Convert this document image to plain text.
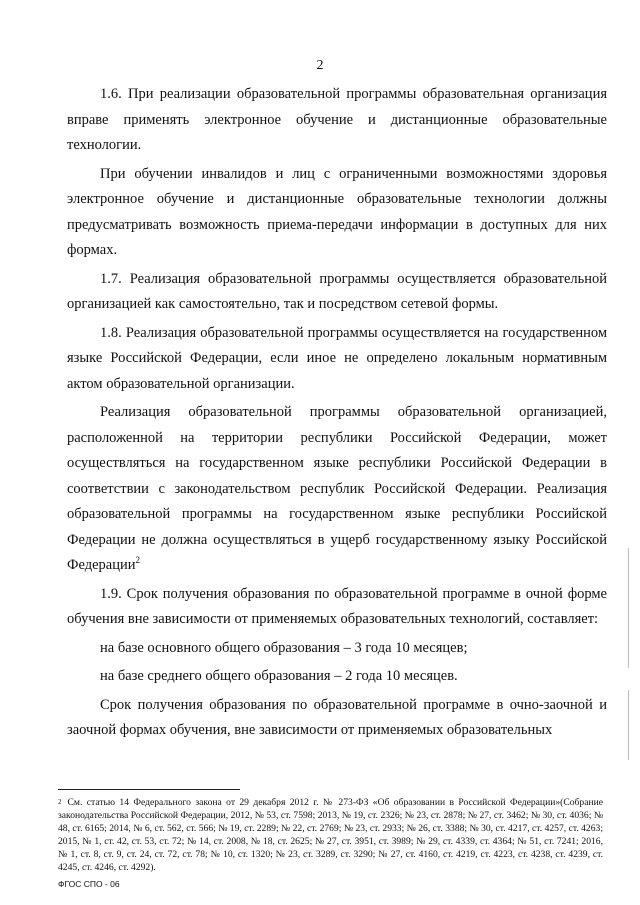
2

1.6. При реализации образовательной программы образовательная организация вправе применять электронное обучение и дистанционные образовательные технологии.

При обучении инвалидов и лиц с ограниченными возможностями здоровья электронное обучение и дистанционные образовательные технологии должны предусматривать возможность приема-передачи информации в доступных для них формах.

1.7. Реализация образовательной программы осуществляется образовательной организацией как самостоятельно, так и посредством сетевой формы.

1.8. Реализация образовательной программы осуществляется на государственном языке Российской Федерации, если иное не определено локальным нормативным актом образовательной организации.

Реализация образовательной программы образовательной организацией, расположенной на территории республики Российской Федерации, может осуществляться на государственном языке республики Российской Федерации в соответствии с законодательством республик Российской Федерации. Реализация образовательной программы на государственном языке республики Российской Федерации не должна осуществляться в ущерб государственному языку Российской Федерации$^2$

1.9. Срок получения образования по образовательной программе в очной форме обучения вне зависимости от применяемых образовательных технологий, составляет:

на базе основного общего образования – 3 года 10 месяцев;

на базе среднего общего образования – 2 года 10 месяцев.

Срок получения образования по образовательной программе в очно-заочной и заочной формах обучения, вне зависимости от применяемых образовательных

$^2$ См. статью 14 Федерального закона от 29 декабря 2012 г. № 273-ФЗ «Об образовании в Российской Федерации»(Собрание законодательства Российской Федерации, 2012, № 53, ст. 7598; 2013, № 19, ст. 2326; № 23, ст. 2878; № 27, ст. 3462; № 30, ст. 4036; № 48, ст. 6165; 2014, № 6, ст. 562, ст. 566; № 19, ст. 2289; № 22, ст. 2769; № 23, ст. 2933; № 26, ст. 3388; № 30, ст. 4217, ст. 4257, ст. 4263; 2015, № 1, ст. 42, ст. 53, ст. 72; № 14, ст. 2008, № 18, ст. 2625; № 27, ст. 3951, ст. 3989; № 29, ст. 4339, ст. 4364; № 51, ст. 7241; 2016, № 1, ст. 8, ст. 9, ст. 24, ст. 72, ст. 78; № 10, ст. 1320; № 23, ст. 3289, ст. 3290; № 27, ст. 4160, ст. 4219, ст. 4223, ст. 4238, ст. 4239, ст. 4245, ст. 4246, ст. 4292).
ФГОС СПО - 06
